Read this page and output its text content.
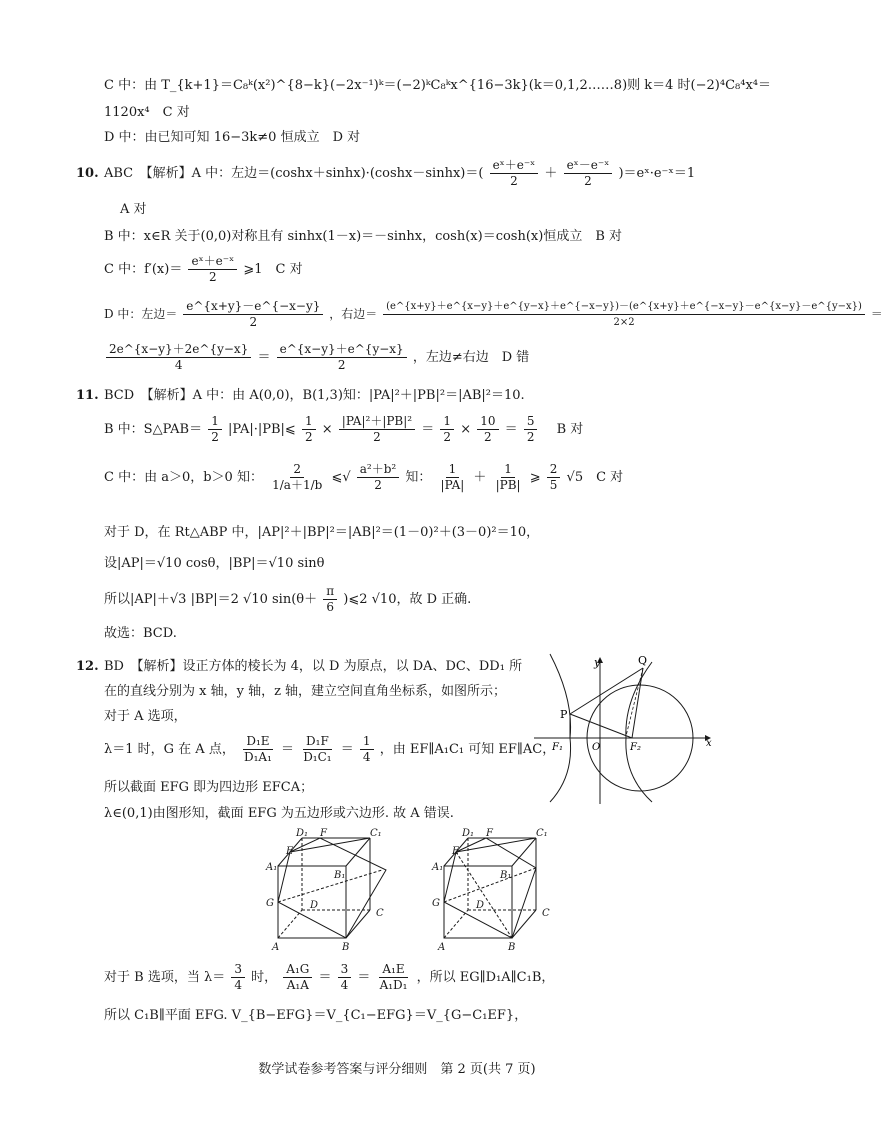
C 中：由 T_{k+1}＝C₈ᵏ(x²)^{8−k}(−2x⁻¹)ᵏ＝(−2)ᵏC₈ᵏx^{16−3k}(k＝0,1,2……8)则 k＝4 时(−2)⁴C₈⁴x⁴＝
1120x⁴　C 对
D 中：由已知可知 16−3k≠0 恒成立　D 对
10. ABC　【解析】A 中：左边$=(\cosh x+\sinh x)\cdot(\cosh x-\sinh x)=( \frac{\text{eˣ＋e⁻ˣ}}{2} + \frac{\text{eˣ－e⁻ˣ}}{2}$ )＝eˣ·e⁻ˣ＝1
A 对
B 中：x∈R 关于(0,0)对称且有 sinhx(1－x)＝－sinhx，cosh(x)＝cosh(x)恒成立　B 对
C 中：$f'(x)= \frac{\text{eˣ＋e⁻ˣ}}{2}$ ⩾1　C 对
D 中：左边＝ $\frac{e\^{}\{x+y\}-e\^{}\{-x-y\}}{2}$ ，右边＝
(e^{x+y}＋e^{x−y}＋e^{y−x}＋e^{−x−y})－(e^{x+y}＋e^{−x−y}－e^{x−y}－e^{y−x})
2×2
＝
$\frac{2e\^{}\{x-y\}+2e\^{}\{y-x\}}{4} = \frac{e\^{}\{x-y\}+e\^{}\{y-x\}}{2}$ ，左边≠右边　D 错
11. BCD　【解析】A 中：由 A(0,0)，B(1,3)知：|PA|²＋|PB|²＝|AB|²＝10.
B 中：S△PAB＝ $\frac{1}{2}$ |PA|·|PB|⩽ $\frac{1}{2} \times \frac{\text{|PA|²＋|PB|²}}{2} = \frac{1}{2} \times \frac{10}{2} = \frac{5}{2}$ 　B 对
C 中：由 a＞0，b＞0 知： $\frac{2}{1/a+1/b}$ ⩽√ $\frac{\text{a²＋b²}}{2}$ 知： $\frac{1}{|PA|} + \frac{1}{|PB|}$ ⩾ $\frac{2}{5} √5$　C 对
对于 D，在 Rt△ABP 中，|AP|²＋|BP|²＝|AB|²＝(1－0)²＋(3－0)²＝10，
设|AP|＝√10 cosθ，|BP|＝√10 sinθ
所以|AP|＋√3 |BP|＝2 √10 $\sin(\theta+ \frac{\pi}{6}$ )⩽2 √10，故 D 正确.
故选：BCD.
12. BD　【解析】设正方体的棱长为 4，以 D 为原点，以 DA、DC、DD₁ 所
在的直线分别为 x 轴，y 轴，z 轴，建立空间直角坐标系，如图所示；
对于 A 选项，
λ＝1 时，G 在 A 点， $\frac{\text{D₁E}}{\text{D₁A₁}} = \frac{\text{D₁F}}{\text{D₁C₁}} = \frac{1}{4}$ ，由 EF∥A₁C₁ 可知 EF∥AC，
所以截面 EFG 即为四边形 EFCA；
λ∈(0,1)由图形知，截面 EFG 为五边形或六边形. 故 A 错误.
y	Q
P
F₁	O	F₂	x
D₁ F	C₁
E
A₁
B₁
G	D
C
A	B
D₁ F	C₁
E
A₁
B₁
G	D
C
A	B
对于 B 选项，当 $\lambda= \frac{3}{4}$ 时， $\frac{\text{A₁G}}{\text{A₁A}} = \frac{3}{4} = \frac{\text{A₁E}}{\text{A₁D₁}}$ ，所以 EG∥D₁A∥C₁B，
所以 C₁B∥平面 EFG. V_{B−EFG}＝V_{C₁−EFG}＝V_{G−C₁EF}，
数学试卷参考答案与评分细则　第 2 页(共 7 页)
